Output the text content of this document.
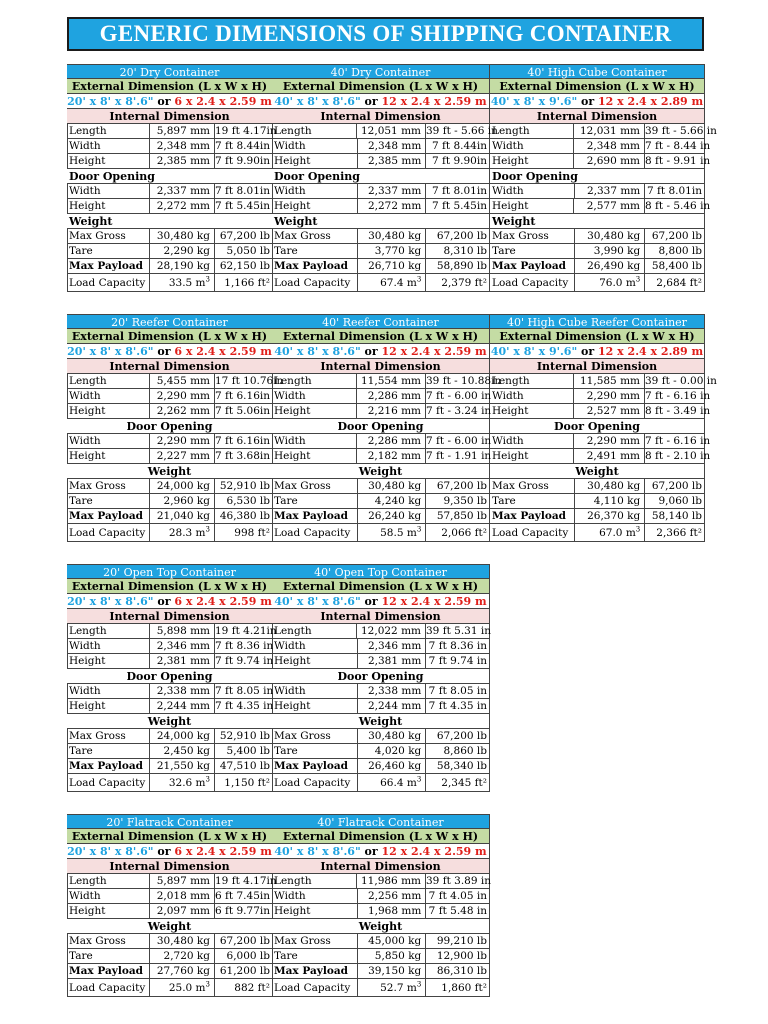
GENERIC DIMENSIONS OF SHIPPING CONTAINER
20' Dry Container
External Dimension (L x W x H)
20' x 8' x 8'.6" or 6 x 2.4 x 2.59 m
Internal Dimension
Length	5,897 mm 19 ft 4.17in
Width	2,348 mm 7 ft 8.44in
Height	2,385 mm 7 ft 9.90in
Door Opening
Width	2,337 mm 7 ft 8.01in
Height	2,272 mm 7 ft 5.45in
Weight
Max Gross	30,480 kg 67,200 lb
Tare	2,290 kg	5,050 lb
Max Payload	28,190 kg 62,150 lb
Load Capacity	33.5 $m^3$	1,166 ft²
40' Dry Container
External Dimension (L x W x H)
40' x 8' x 8'.6" or 12 x 2.4 x 2.59 m
Internal Dimension
Length	12,051 mm 39 ft - 5.66 in
Width	2,348 mm	7 ft 8.44in
Height	2,385 mm	7 ft 9.90in
Door Opening
Width	2,337 mm	7 ft 8.01in
Height	2,272 mm	7 ft 5.45in
Weight
Max Gross	30,480 kg	67,200 lb
Tare	3,770 kg	8,310 lb
Max Payload	26,710 kg	58,890 lb
Load Capacity	67.4 $m^3$	2,379 ft²
40' High Cube Container
External Dimension (L x W x H)
40' x 8' x 9'.6" or 12 x 2.4 x 2.89 m
Internal Dimension
Length	12,031 mm 39 ft - 5.66 in
Width	2,348 mm 7 ft - 8.44 in
Height	2,690 mm 8 ft - 9.91 in
Door Opening
Width	2,337 mm 7 ft 8.01in
Height	2,577 mm 8 ft - 5.46 in
Weight
Max Gross	30,480 kg	67,200 lb
Tare	3,990 kg	8,800 lb
Max Payload	26,490 kg	58,400 lb
Load Capacity	76.0 $m^3$	2,684 ft²
20' Reefer Container
External Dimension (L x W x H)
20' x 8' x 8'.6" or 6 x 2.4 x 2.59 m
Internal Dimension
Length	5,455 mm 17 ft 10.76in
Width	2,290 mm 7 ft 6.16in
Height	2,262 mm 7 ft 5.06in
Door Opening
Width	2,290 mm 7 ft 6.16in
Height	2,227 mm 7 ft 3.68in
Weight
Max Gross	24,000 kg 52,910 lb
Tare	2,960 kg	6,530 lb
Max Payload	21,040 kg 46,380 lb
Load Capacity	28.3 $m^3$	998 ft²
40' Reefer Container
External Dimension (L x W x H)
40' x 8' x 8'.6" or 12 x 2.4 x 2.59 m
Internal Dimension
Length	11,554 mm 39 ft - 10.88in
Width	2,286 mm 7 ft - 6.00 in
Height	2,216 mm 7 ft - 3.24 in
Door Opening
Width	2,286 mm 7 ft - 6.00 in
Height	2,182 mm 7 ft - 1.91 in
Weight
Max Gross	30,480 kg	67,200 lb
Tare	4,240 kg	9,350 lb
Max Payload	26,240 kg	57,850 lb
Load Capacity	58.5 $m^3$	2,066 ft²
40' High Cube Reefer Container
External Dimension (L x W x H)
40' x 8' x 9'.6" or 12 x 2.4 x 2.89 m
Internal Dimension
Length	11,585 mm 39 ft - 0.00 in
Width	2,290 mm 7 ft - 6.16 in
Height	2,527 mm 8 ft - 3.49 in
Door Opening
Width	2,290 mm 7 ft - 6.16 in
Height	2,491 mm 8 ft - 2.10 in
Weight
Max Gross	30,480 kg	67,200 lb
Tare	4,110 kg	9,060 lb
Max Payload	26,370 kg	58,140 lb
Load Capacity	67.0 $m^3$	2,366 ft²
20' Open Top Container
External Dimension (L x W x H)
20' x 8' x 8'.6" or 6 x 2.4 x 2.59 m
Internal Dimension
Length	5,898 mm 19 ft 4.21in
Width	2,346 mm 7 ft 8.36 in
Height	2,381 mm 7 ft 9.74 in
Door Opening
Width	2,338 mm 7 ft 8.05 in
Height	2,244 mm 7 ft 4.35 in
Weight
Max Gross	24,000 kg 52,910 lb
Tare	2,450 kg	5,400 lb
Max Payload	21,550 kg 47,510 lb
Load Capacity	32.6 $m^3$	1,150 ft²
40' Open Top Container
External Dimension (L x W x H)
40' x 8' x 8'.6" or 12 x 2.4 x 2.59 m
Internal Dimension
Length	12,022 mm 39 ft 5.31 in
Width	2,346 mm 7 ft 8.36 in
Height	2,381 mm 7 ft 9.74 in
Door Opening
Width	2,338 mm 7 ft 8.05 in
Height	2,244 mm 7 ft 4.35 in
Weight
Max Gross	30,480 kg	67,200 lb
Tare	4,020 kg	8,860 lb
Max Payload	26,460 kg	58,340 lb
Load Capacity	66.4 $m^3$	2,345 ft²
20' Flatrack Container
External Dimension (L x W x H)
20' x 8' x 8'.6" or 6 x 2.4 x 2.59 m
Internal Dimension
Length	5,897 mm 19 ft 4.17in
Width	2,018 mm 6 ft 7.45in
Height	2,097 mm 6 ft 9.77in
Weight
Max Gross	30,480 kg 67,200 lb
Tare	2,720 kg	6,000 lb
Max Payload	27,760 kg 61,200 lb
Load Capacity	25.0 $m^3$	882 ft²
40' Flatrack Container
External Dimension (L x W x H)
40' x 8' x 8'.6" or 12 x 2.4 x 2.59 m
Internal Dimension
Length	11,986 mm 39 ft 3.89 in
Width	2,256 mm 7 ft 4.05 in
Height	1,968 mm 7 ft 5.48 in
Weight
Max Gross	45,000 kg	99,210 lb
Tare	5,850 kg	12,900 lb
Max Payload	39,150 kg	86,310 lb
Load Capacity	52.7 $m^3$	1,860 ft²
